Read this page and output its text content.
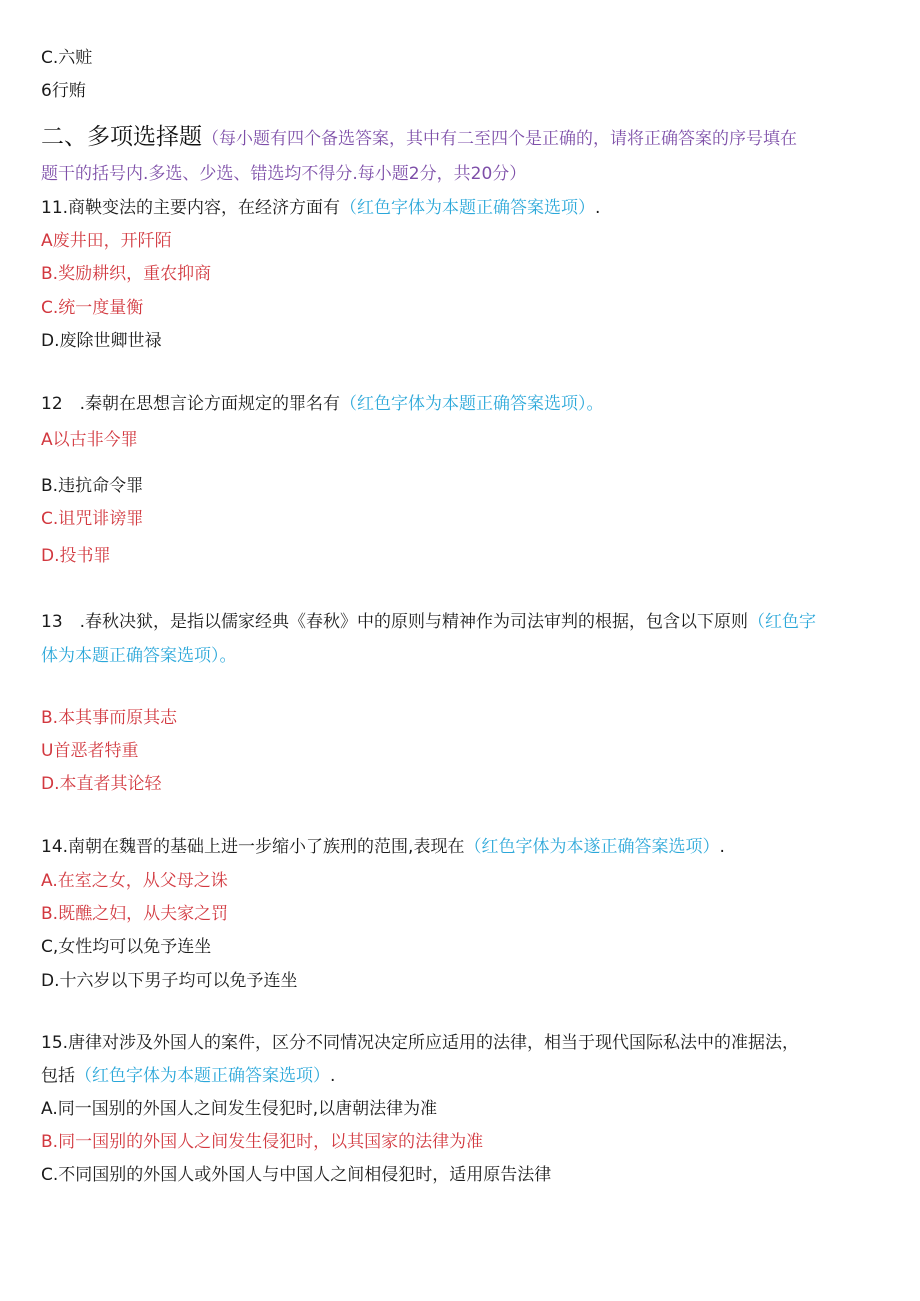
C.六赃
6行贿
二、多项选择题（每小题有四个备选答案，其中有二至四个是正确的，请将正确答案的序号填在
题干的括号内.多选、少选、错选均不得分.每小题2分，共20分）
11.商鞅变法的主要内容，在经济方面有（红色字体为本题正确答案选项）.
A废井田，开阡陌
B.奖励耕织，重农抑商
C.统一度量衡
D.废除世卿世禄
12　.秦朝在思想言论方面规定的罪名有（红色字体为本题正确答案选项）。
A以古非今罪
B.违抗命令罪
C.诅咒诽谤罪
D.投书罪
13　.春秋决狱，是指以儒家经典《春秋》中的原则与精神作为司法审判的根据，包含以下原则（红色字
体为本题正确答案选项）。
B.本其事而原其志
U首恶者特重
D.本直者其论轻
14.南朝在魏晋的基础上进一步缩小了族刑的范围,表现在（红色字体为本遂正确答案选项）.
A.在室之女，从父母之诛
B.既醮之妇，从夫家之罚
C,女性均可以免予连坐
D.十六岁以下男子均可以免予连坐
15.唐律对涉及外国人的案件，区分不同情况决定所应适用的法律，相当于现代国际私法中的准据法，
包括（红色字体为本题正确答案选项）.
A.同一国别的外国人之间发生侵犯时,以唐朝法律为准
B.同一国别的外国人之间发生侵犯时，以其国家的法律为准
C.不同国别的外国人或外国人与中国人之间相侵犯时，适用原告法律
